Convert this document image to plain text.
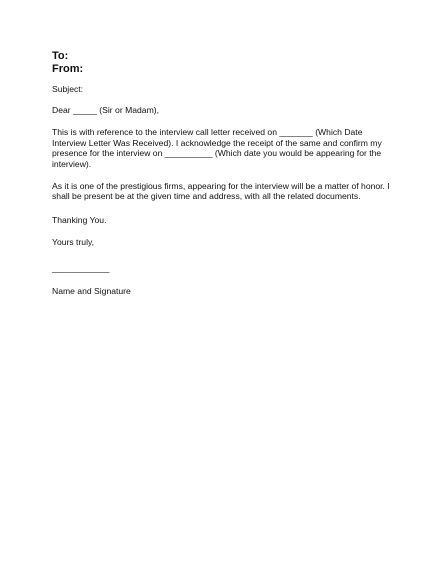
To:

From:

Subject:

Dear _____ (Sir or Madam),

This is with reference to the interview call letter received on _______ (Which Date Interview Letter Was Received). I acknowledge the receipt of the same and confirm my presence for the interview on __________ (Which date you would be appearing for the interview).

As it is one of the prestigious firms, appearing for the interview will be a matter of honor. I shall be present be at the given time and address, with all the related documents.

Thanking You.

Yours truly,

____________

Name and Signature
